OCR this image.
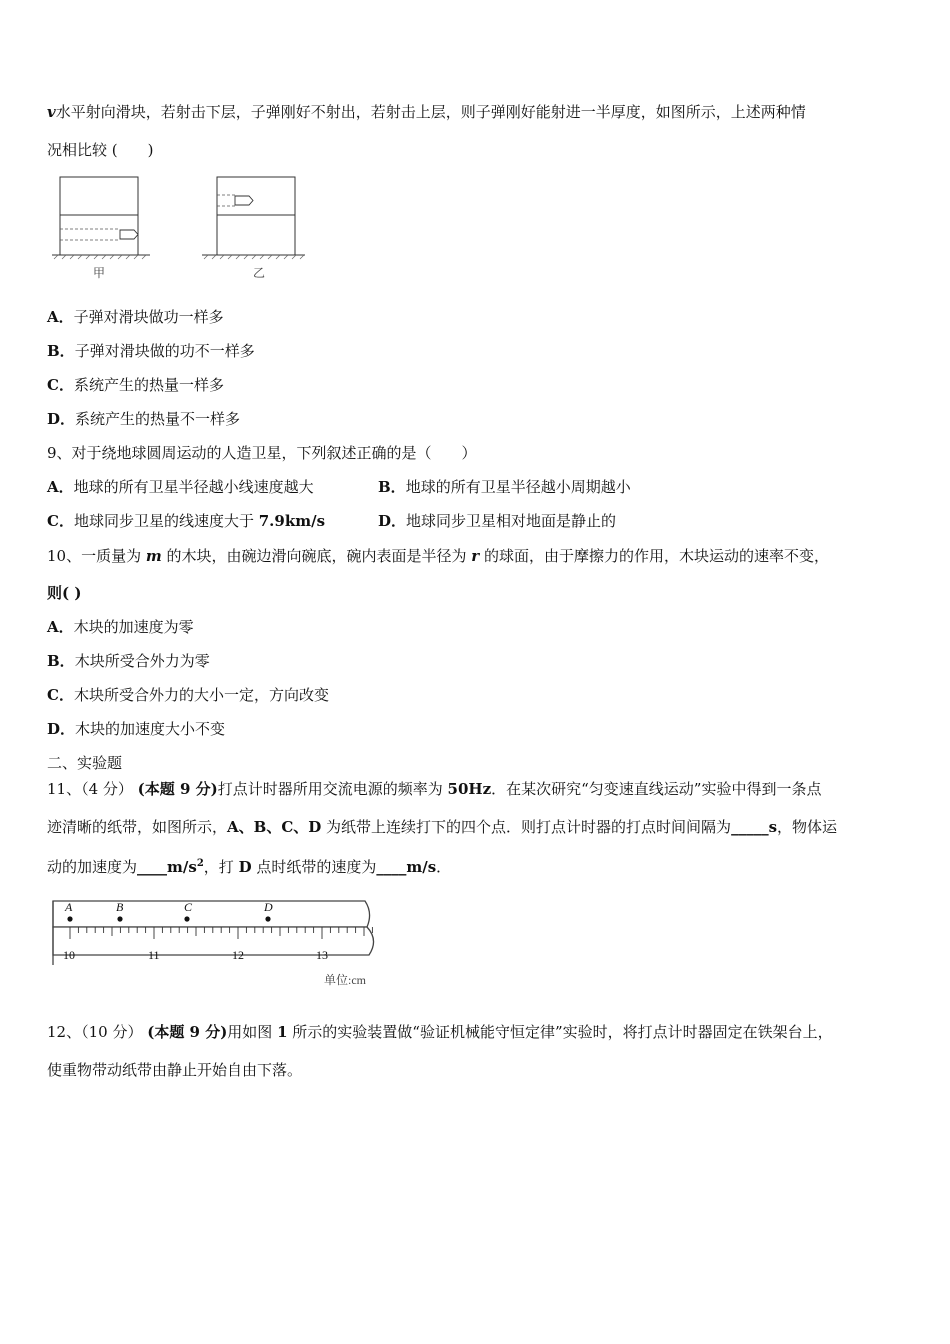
v水平射向滑块，若射击下层，子弹刚好不射出，若射击上层，则子弹刚好能射进一半厚度，如图所示，上述两种情
况相比较 (　　)
甲	乙
A．子弹对滑块做功一样多
B．子弹对滑块做的功不一样多
C．系统产生的热量一样多
D．系统产生的热量不一样多
9、对于绕地球圆周运动的人造卫星，下列叙述正确的是（　　）
A．地球的所有卫星半径越小线速度越大	B．地球的所有卫星半径越小周期越小
C．地球同步卫星的线速度大于 7.9km/s	D．地球同步卫星相对地面是静止的
10、一质量为 m 的木块，由碗边滑向碗底，碗内表面是半径为 r 的球面，由于摩擦力的作用，木块运动的速率不变，
则( )
A．木块的加速度为零
B．木块所受合外力为零
C．木块所受合外力的大小一定，方向改变
D．木块的加速度大小不变
二、实验题
11、（4 分） (本题 9 分)打点计时器所用交流电源的频率为 50Hz．在某次研究“匀变速直线运动”实验中得到一条点
迹清晰的纸带，如图所示，A、B、C、D 为纸带上连续打下的四个点．则打点计时器的打点时间间隔为_____s，物体运
动的加速度为$\_\_\_\_m/s^2$，打 D 点时纸带的速度为____m/s．
A	B	C	D
10	11	12	13
单位:cm
12、（10 分） (本题 9 分)用如图 1 所示的实验装置做“验证机械能守恒定律”实验时，将打点计时器固定在铁架台上，
使重物带动纸带由静止开始自由下落。
